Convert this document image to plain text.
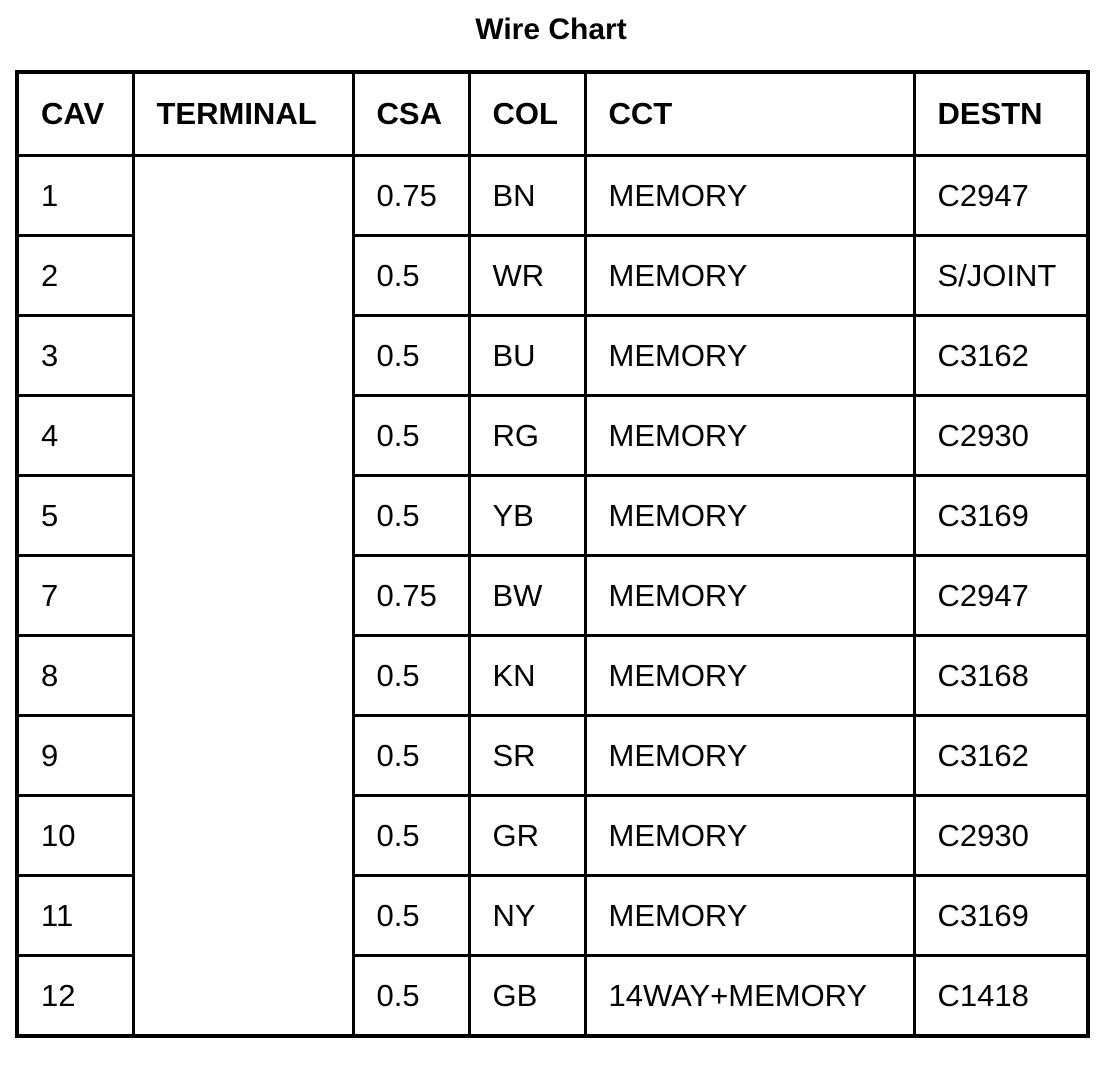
Wire Chart
CAV	TERMINAL	CSA	COL	CCT	DESTN
1		0.75	BN	MEMORY	C2947
2		0.5	WR	MEMORY	S/JOINT
3		0.5	BU	MEMORY	C3162
4		0.5	RG	MEMORY	C2930
5		0.5	YB	MEMORY	C3169
7		0.75	BW	MEMORY	C2947
8		0.5	KN	MEMORY	C3168
9		0.5	SR	MEMORY	C3162
10		0.5	GR	MEMORY	C2930
11		0.5	NY	MEMORY	C3169
12		0.5	GB	14WAY+MEMORY	C1418
